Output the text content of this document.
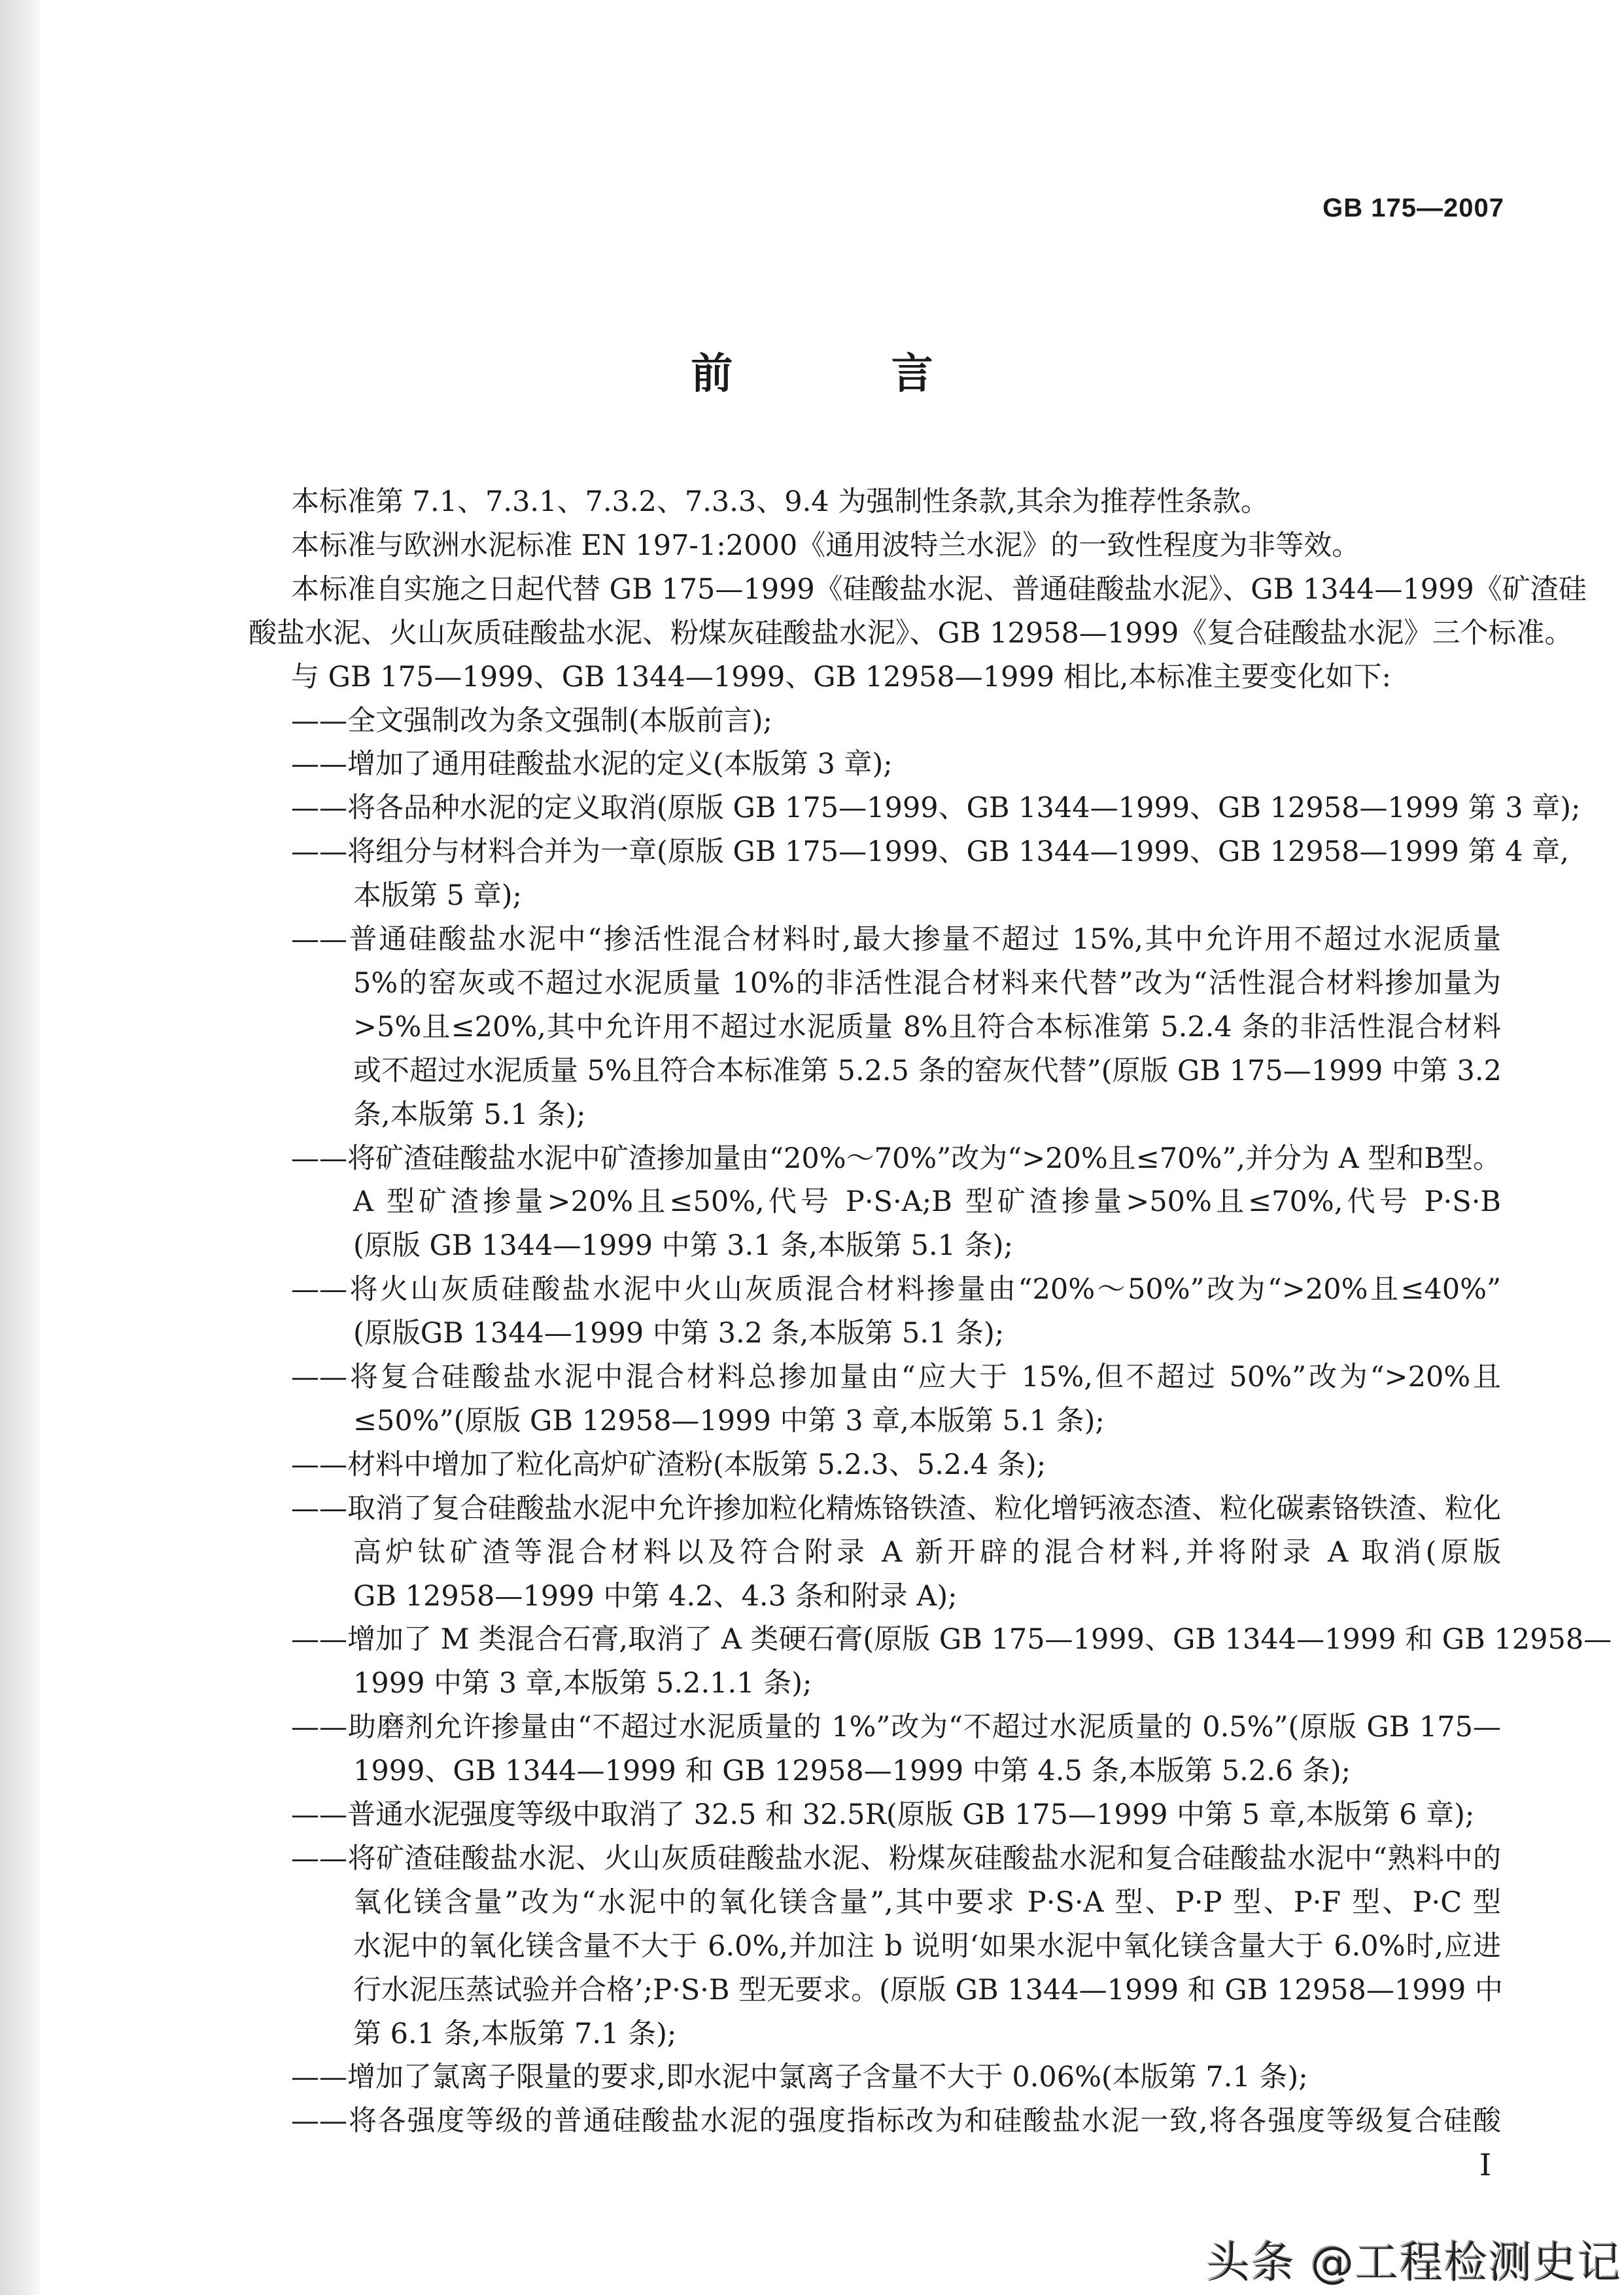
GB 175—2007
前 言
本标准第 7.1、7.3.1、7.3.2、7.3.3、9.4 为强制性条款,其余为推荐性条款。
本标准与欧洲水泥标准 EN 197-1:2000《通用波特兰水泥》的一致性程度为非等效。
本标准自实施之日起代替 GB 175—1999《硅酸盐水泥、普通硅酸盐水泥》、GB 1344—1999《矿渣硅
酸盐水泥、火山灰质硅酸盐水泥、粉煤灰硅酸盐水泥》、GB 12958—1999《复合硅酸盐水泥》三个标准。
与 GB 175—1999、GB 1344—1999、GB 12958—1999 相比,本标准主要变化如下:
——全文强制改为条文强制(本版前言);
——增加了通用硅酸盐水泥的定义(本版第 3 章);
——将各品种水泥的定义取消(原版 GB 175—1999、GB 1344—1999、GB 12958—1999 第 3 章);
——将组分与材料合并为一章(原版 GB 175—1999、GB 1344—1999、GB 12958—1999 第 4 章,
本版第 5 章);
——普通硅酸盐水泥中“掺活性混合材料时,最大掺量不超过 15%,其中允许用不超过水泥质量
5%的窑灰或不超过水泥质量 10%的非活性混合材料来代替”改为“活性混合材料掺加量为
>5%且≤20%,其中允许用不超过水泥质量 8%且符合本标准第 5.2.4 条的非活性混合材料
或不超过水泥质量 5%且符合本标准第 5.2.5 条的窑灰代替”(原版 GB 175—1999 中第 3.2
条,本版第 5.1 条);
——将矿渣硅酸盐水泥中矿渣掺加量由“20%～70%”改为“>20%且≤70%”,并分为 A 型和B型。
A 型矿渣掺量>20%且≤50%,代号 P·S·A;B 型矿渣掺量>50%且≤70%,代号 P·S·B
(原版 GB 1344—1999 中第 3.1 条,本版第 5.1 条);
——将火山灰质硅酸盐水泥中火山灰质混合材料掺量由“20%～50%”改为“>20%且≤40%”
(原版GB 1344—1999 中第 3.2 条,本版第 5.1 条);
——将复合硅酸盐水泥中混合材料总掺加量由“应大于 15%,但不超过 50%”改为“>20%且
≤50%”(原版 GB 12958—1999 中第 3 章,本版第 5.1 条);
——材料中增加了粒化高炉矿渣粉(本版第 5.2.3、5.2.4 条);
——取消了复合硅酸盐水泥中允许掺加粒化精炼铬铁渣、粒化增钙液态渣、粒化碳素铬铁渣、粒化
高炉钛矿渣等混合材料以及符合附录 A 新开辟的混合材料,并将附录 A 取消(原版
GB 12958—1999 中第 4.2、4.3 条和附录 A);
——增加了 M 类混合石膏,取消了 A 类硬石膏(原版 GB 175—1999、GB 1344—1999 和 GB 12958—
1999 中第 3 章,本版第 5.2.1.1 条);
——助磨剂允许掺量由“不超过水泥质量的 1%”改为“不超过水泥质量的 0.5%”(原版 GB 175—
1999、GB 1344—1999 和 GB 12958—1999 中第 4.5 条,本版第 5.2.6 条);
——普通水泥强度等级中取消了 32.5 和 32.5R(原版 GB 175—1999 中第 5 章,本版第 6 章);
——将矿渣硅酸盐水泥、火山灰质硅酸盐水泥、粉煤灰硅酸盐水泥和复合硅酸盐水泥中“熟料中的
氧化镁含量”改为“水泥中的氧化镁含量”,其中要求 P·S·A 型、P·P 型、P·F 型、P·C 型
水泥中的氧化镁含量不大于 6.0%,并加注 b 说明‘如果水泥中氧化镁含量大于 6.0%时,应进
行水泥压蒸试验并合格’;P·S·B 型无要求。(原版 GB 1344—1999 和 GB 12958—1999 中
第 6.1 条,本版第 7.1 条);
——增加了氯离子限量的要求,即水泥中氯离子含量不大于 0.06%(本版第 7.1 条);
——将各强度等级的普通硅酸盐水泥的强度指标改为和硅酸盐水泥一致,将各强度等级复合硅酸
I
头条 @工程检测史记
